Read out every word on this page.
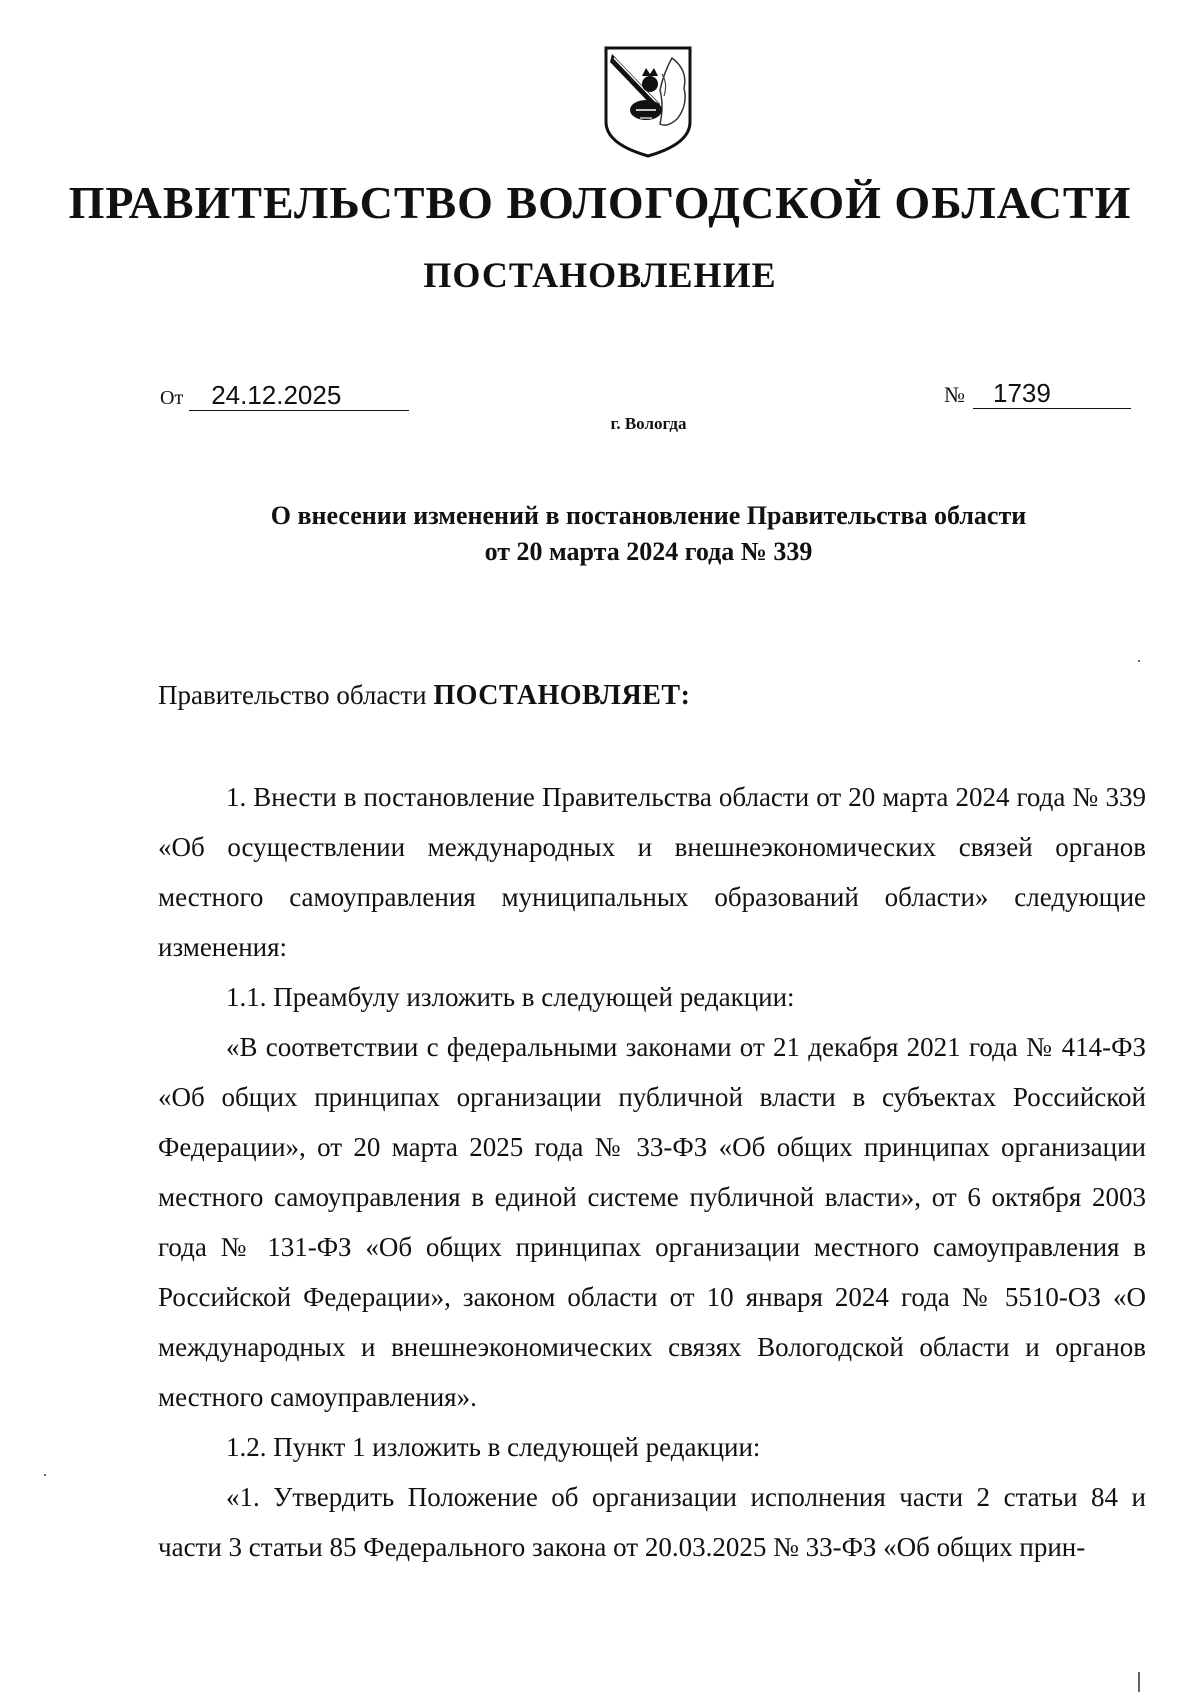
ПРАВИТЕЛЬСТВО ВОЛОГОДСКОЙ ОБЛАСТИ
ПОСТАНОВЛЕНИЕ
От 24.12.2025	№ 1739
г. Вологда
О внесении изменений в постановление Правительства области
от 20 марта 2024 года № 339
Правительство области ПОСТАНОВЛЯЕТ:

1. Внести в постановление Правительства области от 20 марта 2024 года № 339 «Об осуществлении международных и внешнеэкономических связей органов местного самоуправления муниципальных образований области» следующие изменения:

1.1. Преамбулу изложить в следующей редакции:

«В соответствии с федеральными законами от 21 декабря 2021 года № 414-ФЗ «Об общих принципах организации публичной власти в субъектах Российской Федерации», от 20 марта 2025 года № 33-ФЗ «Об общих принципах организации местного самоуправления в единой системе публичной власти», от 6 октября 2003 года № 131-ФЗ «Об общих принципах организации местного самоуправления в Российской Федерации», законом области от 10 января 2024 года № 5510-ОЗ «О международных и внешнеэкономических связях Вологодской области и органов местного самоуправления».

1.2. Пункт 1 изложить в следующей редакции:

«1. Утвердить Положение об организации исполнения части 2 статьи 84 и части 3 статьи 85 Федерального закона от 20.03.2025 № 33-ФЗ «Об общих прин-
